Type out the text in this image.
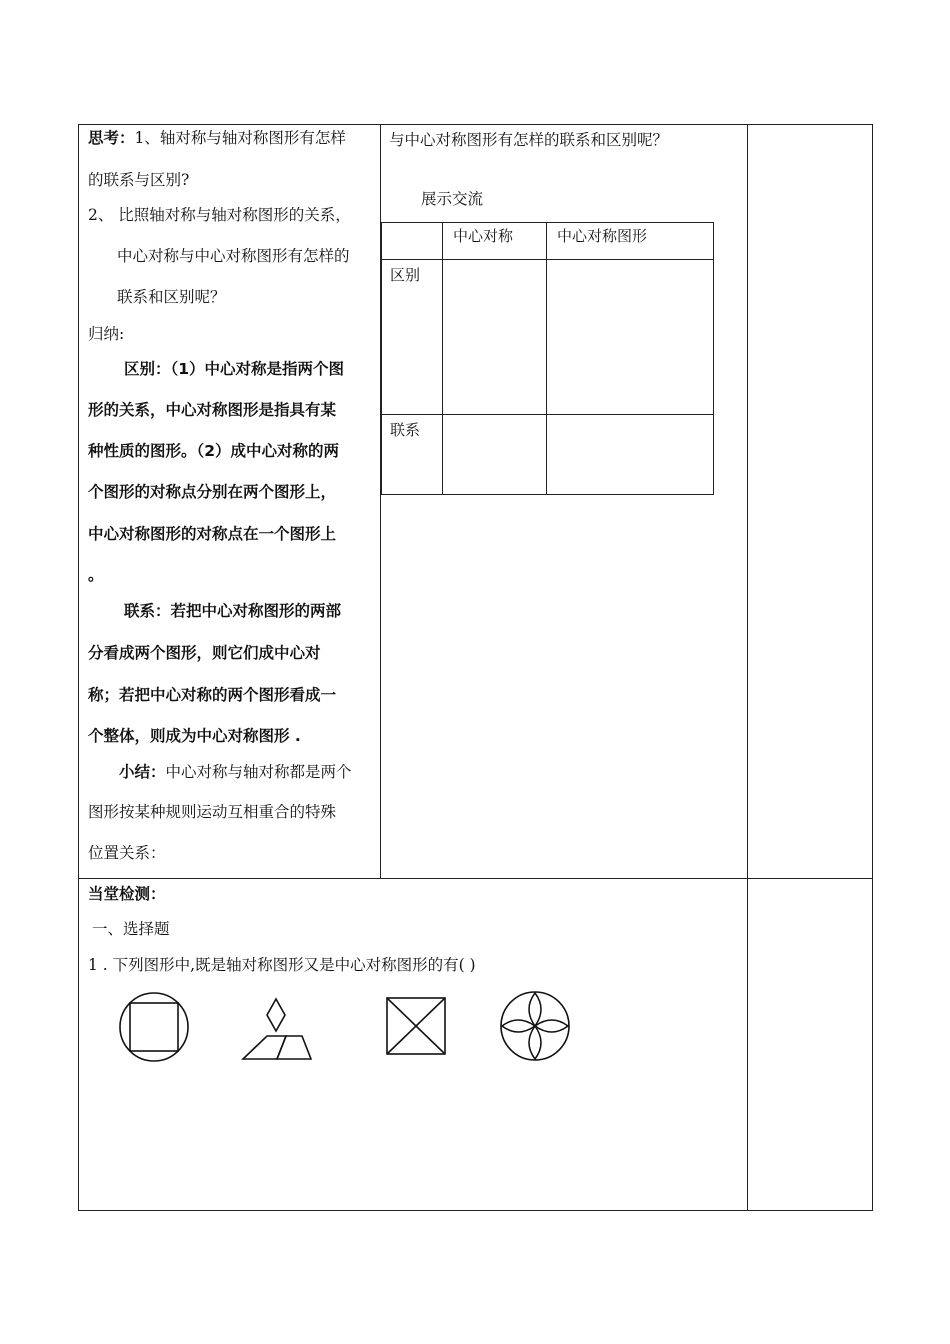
思考：1、轴对称与轴对称图形有怎样
的联系与区别?
2、 比照轴对称与轴对称图形的关系，
中心对称与中心对称图形有怎样的
联系和区别呢？
归纳:
区别：（1）中心对称是指两个图
形的关系，中心对称图形是指具有某
种性质的图形。（2）成中心对称的两
个图形的对称点分别在两个图形上，
中心对称图形的对称点在一个图形上
。
联系：若把中心对称图形的两部
分看成两个图形，则它们成中心对
称；若把中心对称的两个图形看成一
个整体，则成为中心对称图形 .
小结：中心对称与轴对称都是两个
图形按某种规则运动互相重合的特殊
位置关系：
与中心对称图形有怎样的联系和区别呢？
展示交流
中心对称	中心对称图形
区别
联系
当堂检测：
一、选择题
1 . 下列图形中,既是轴对称图形又是中心对称图形的有( )
